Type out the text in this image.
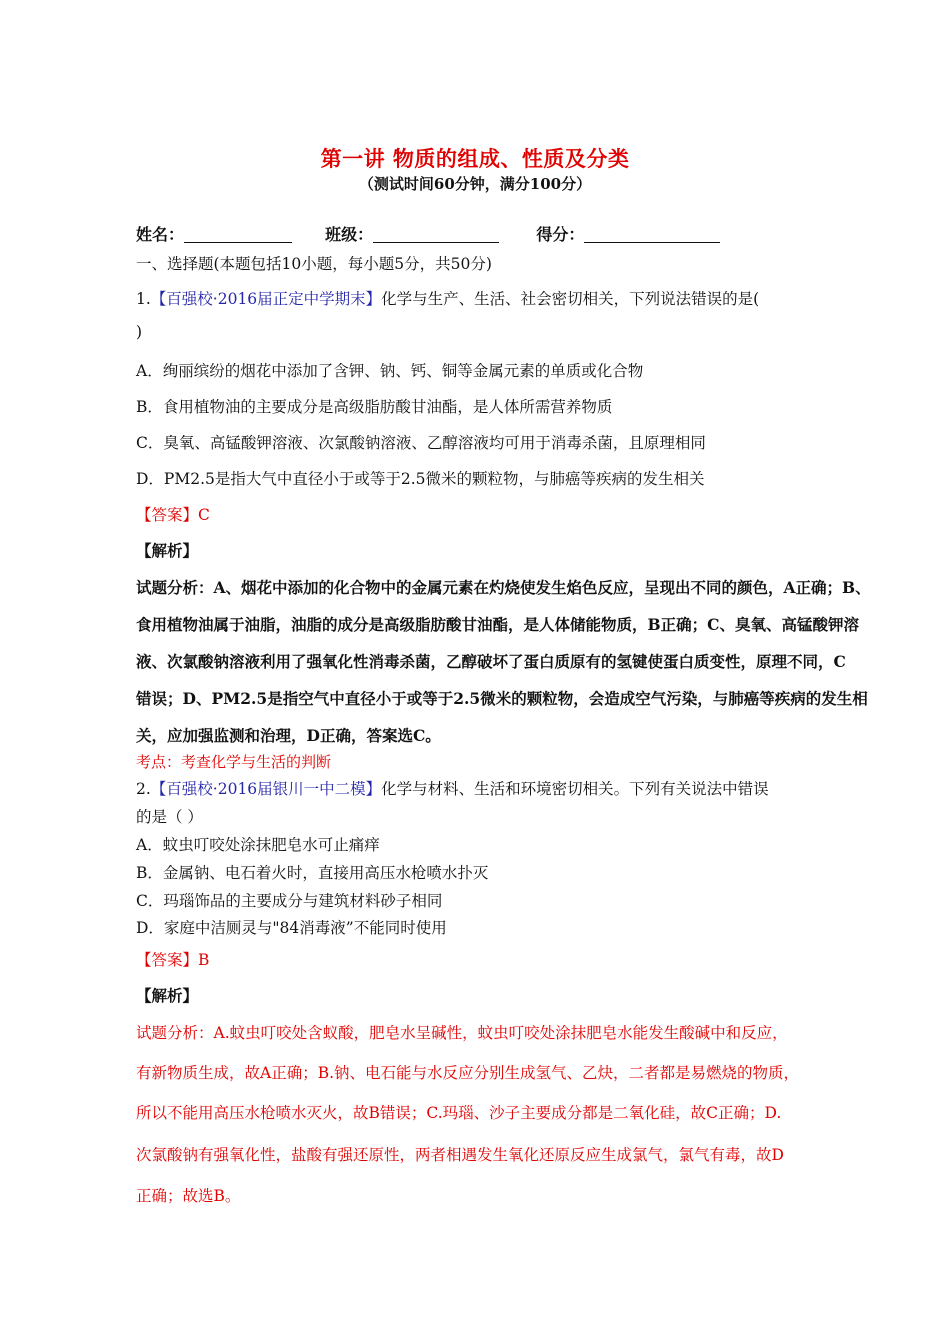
第一讲 物质的组成、性质及分类
（测试时间60分钟，满分100分）
姓名：	班级：	得分：
一、选择题(本题包括10小题，每小题5分，共50分)
1.【百强校·2016届正定中学期末】化学与生产、生活、社会密切相关，下列说法错误的是(
)
A．绚丽缤纷的烟花中添加了含钾、钠、钙、铜等金属元素的单质或化合物
B．食用植物油的主要成分是高级脂肪酸甘油酯，是人体所需营养物质
C．臭氧、高锰酸钾溶液、次氯酸钠溶液、乙醇溶液均可用于消毒杀菌，且原理相同
D．PM2.5是指大气中直径小于或等于2.5微米的颗粒物，与肺癌等疾病的发生相关
【答案】C
【解析】
试题分析：A、烟花中添加的化合物中的金属元素在灼烧使发生焰色反应，呈现出不同的颜色，A正确；B、
食用植物油属于油脂，油脂的成分是高级脂肪酸甘油酯，是人体储能物质，B正确；C、臭氧、高锰酸钾溶
液、次氯酸钠溶液利用了强氧化性消毒杀菌，乙醇破坏了蛋白质原有的氢键使蛋白质变性，原理不同，C
错误；D、PM2.5是指空气中直径小于或等于2.5微米的颗粒物，会造成空气污染，与肺癌等疾病的发生相
关，应加强监测和治理，D正确，答案选C。
考点：考查化学与生活的判断
2.【百强校·2016届银川一中二模】化学与材料、生活和环境密切相关。下列有关说法中错误
的是（ ）
A．蚊虫叮咬处涂抹肥皂水可止痛痒
B．金属钠、电石着火时，直接用高压水枪喷水扑灭
C．玛瑙饰品的主要成分与建筑材料砂子相同
D．家庭中洁厕灵与"84消毒液”不能同时使用
【答案】B
【解析】
试题分析：A.蚊虫叮咬处含蚁酸，肥皂水呈碱性，蚊虫叮咬处涂抹肥皂水能发生酸碱中和反应，
有新物质生成，故A正确；B.钠、电石能与水反应分别生成氢气、乙炔，二者都是易燃烧的物质，
所以不能用高压水枪喷水灭火，故B错误；C.玛瑙、沙子主要成分都是二氧化硅，故C正确；D.
次氯酸钠有强氧化性，盐酸有强还原性，两者相遇发生氧化还原反应生成氯气，氯气有毒，故D
正确；故选B。
